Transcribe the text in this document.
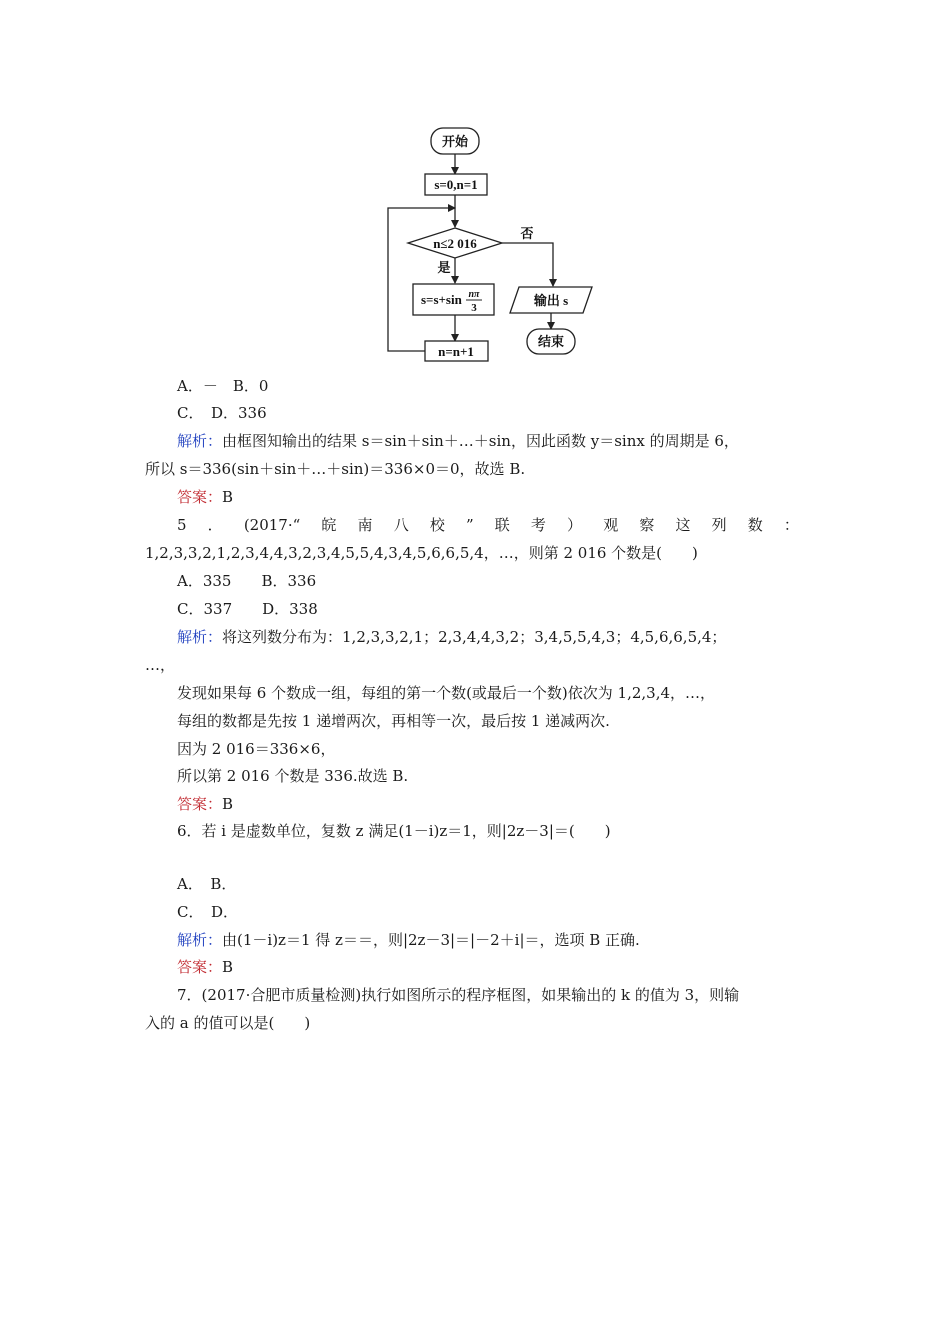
开始
s=0,n=1
n≤2 016
否
是
s=s+sin nπ
3
n=n+1
输出 s
结束
A．－　B．0
C．　D．336
解析：由框图知输出的结果 s＝sin＋sin＋…＋sin，因此函数 y＝sinx 的周期是 6，
所以 s＝336(sin＋sin＋…＋sin)＝336×0＝0，故选 B.
答案：B
5 ． (2017·“ 皖 南 八 校 ” 联 考 ） 观 察 这 列 数 ：
1,2,3,3,2,1,2,3,4,4,3,2,3,4,5,5,4,3,4,5,6,6,5,4，…，则第 2 016 个数是(　　)
A．335　　B．336
C．337　　D．338
解析：将这列数分布为：1,2,3,3,2,1；2,3,4,4,3,2；3,4,5,5,4,3；4,5,6,6,5,4；
…，
发现如果每 6 个数成一组，每组的第一个数(或最后一个数)依次为 1,2,3,4，…，
每组的数都是先按 1 递增两次，再相等一次，最后按 1 递减两次.
因为 2 016＝336×6，
所以第 2 016 个数是 336.故选 B.
答案：B
6．若 i 是虚数单位，复数 z 满足(1－i)z＝1，则|2z－3|＝(　　)
A．　B．
C．　D．
解析：由(1－i)z＝1 得 z＝＝，则|2z－3|＝|－2＋i|＝，选项 B 正确.
答案：B
7．(2017·合肥市质量检测)执行如图所示的程序框图，如果输出的 k 的值为 3，则输
入的 a 的值可以是(　　)
